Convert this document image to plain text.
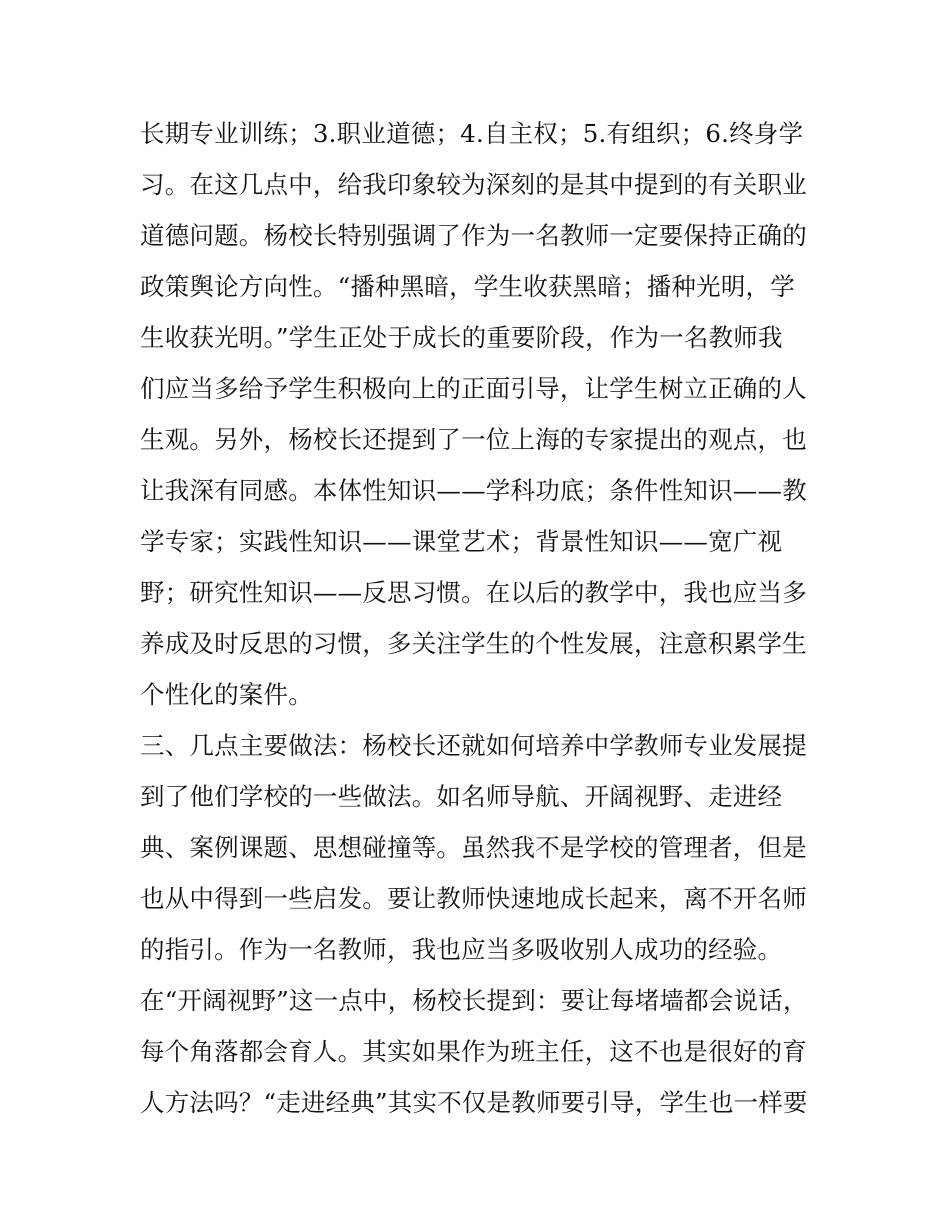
长期专业训练；3.职业道德；4.自主权；5.有组织；6.终身学
习。在这几点中，给我印象较为深刻的是其中提到的有关职业
道德问题。杨校长特别强调了作为一名教师一定要保持正确的
政策舆论方向性。“播种黑暗，学生收获黑暗；播种光明，学
生收获光明。”学生正处于成长的重要阶段，作为一名教师我
们应当多给予学生积极向上的正面引导，让学生树立正确的人
生观。另外，杨校长还提到了一位上海的专家提出的观点，也
让我深有同感。本体性知识——学科功底；条件性知识——教
学专家；实践性知识——课堂艺术；背景性知识——宽广视
野；研究性知识——反思习惯。在以后的教学中，我也应当多
养成及时反思的习惯，多关注学生的个性发展，注意积累学生
个性化的案件。
三、几点主要做法：杨校长还就如何培养中学教师专业发展提
到了他们学校的一些做法。如名师导航、开阔视野、走进经
典、案例课题、思想碰撞等。虽然我不是学校的管理者，但是
也从中得到一些启发。要让教师快速地成长起来，离不开名师
的指引。作为一名教师，我也应当多吸收别人成功的经验。
在“开阔视野”这一点中，杨校长提到：要让每堵墙都会说话，
每个角落都会育人。其实如果作为班主任，这不也是很好的育
人方法吗？“走进经典”其实不仅是教师要引导，学生也一样要
